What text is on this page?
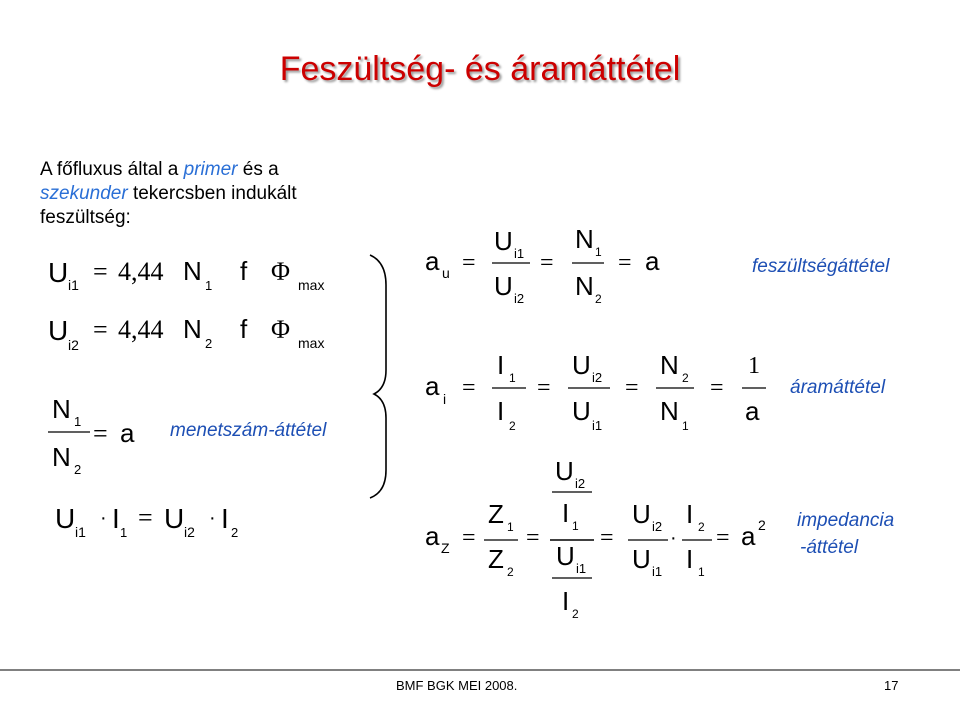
Feszültség- és áramáttétel
A főfluxus által a primer és a
szekunder tekercsben indukált
feszültség:
U i1 = 4,44 N 1 f Φ max
U i2
= 4,44 N 2 f Φ max
N 1
N 2
= a
U i1
· I 1
= U i2
· I 2
a u =
U i1
U i2
=
N 1
N 2
= a
a i =
I 1
I 2
=
U i2
U i1
=
N 2
N 1
=
1
a
a Z =
Z 1
Z 2
=
U i2
I 1
U i1
I 2
=
U i2
U i1
·
I 2
I 1
= a 2
menetszám-áttétel
feszültségáttétel
áramáttétel
impedancia
-áttétel
BMF BGK MEI 2008.	17
